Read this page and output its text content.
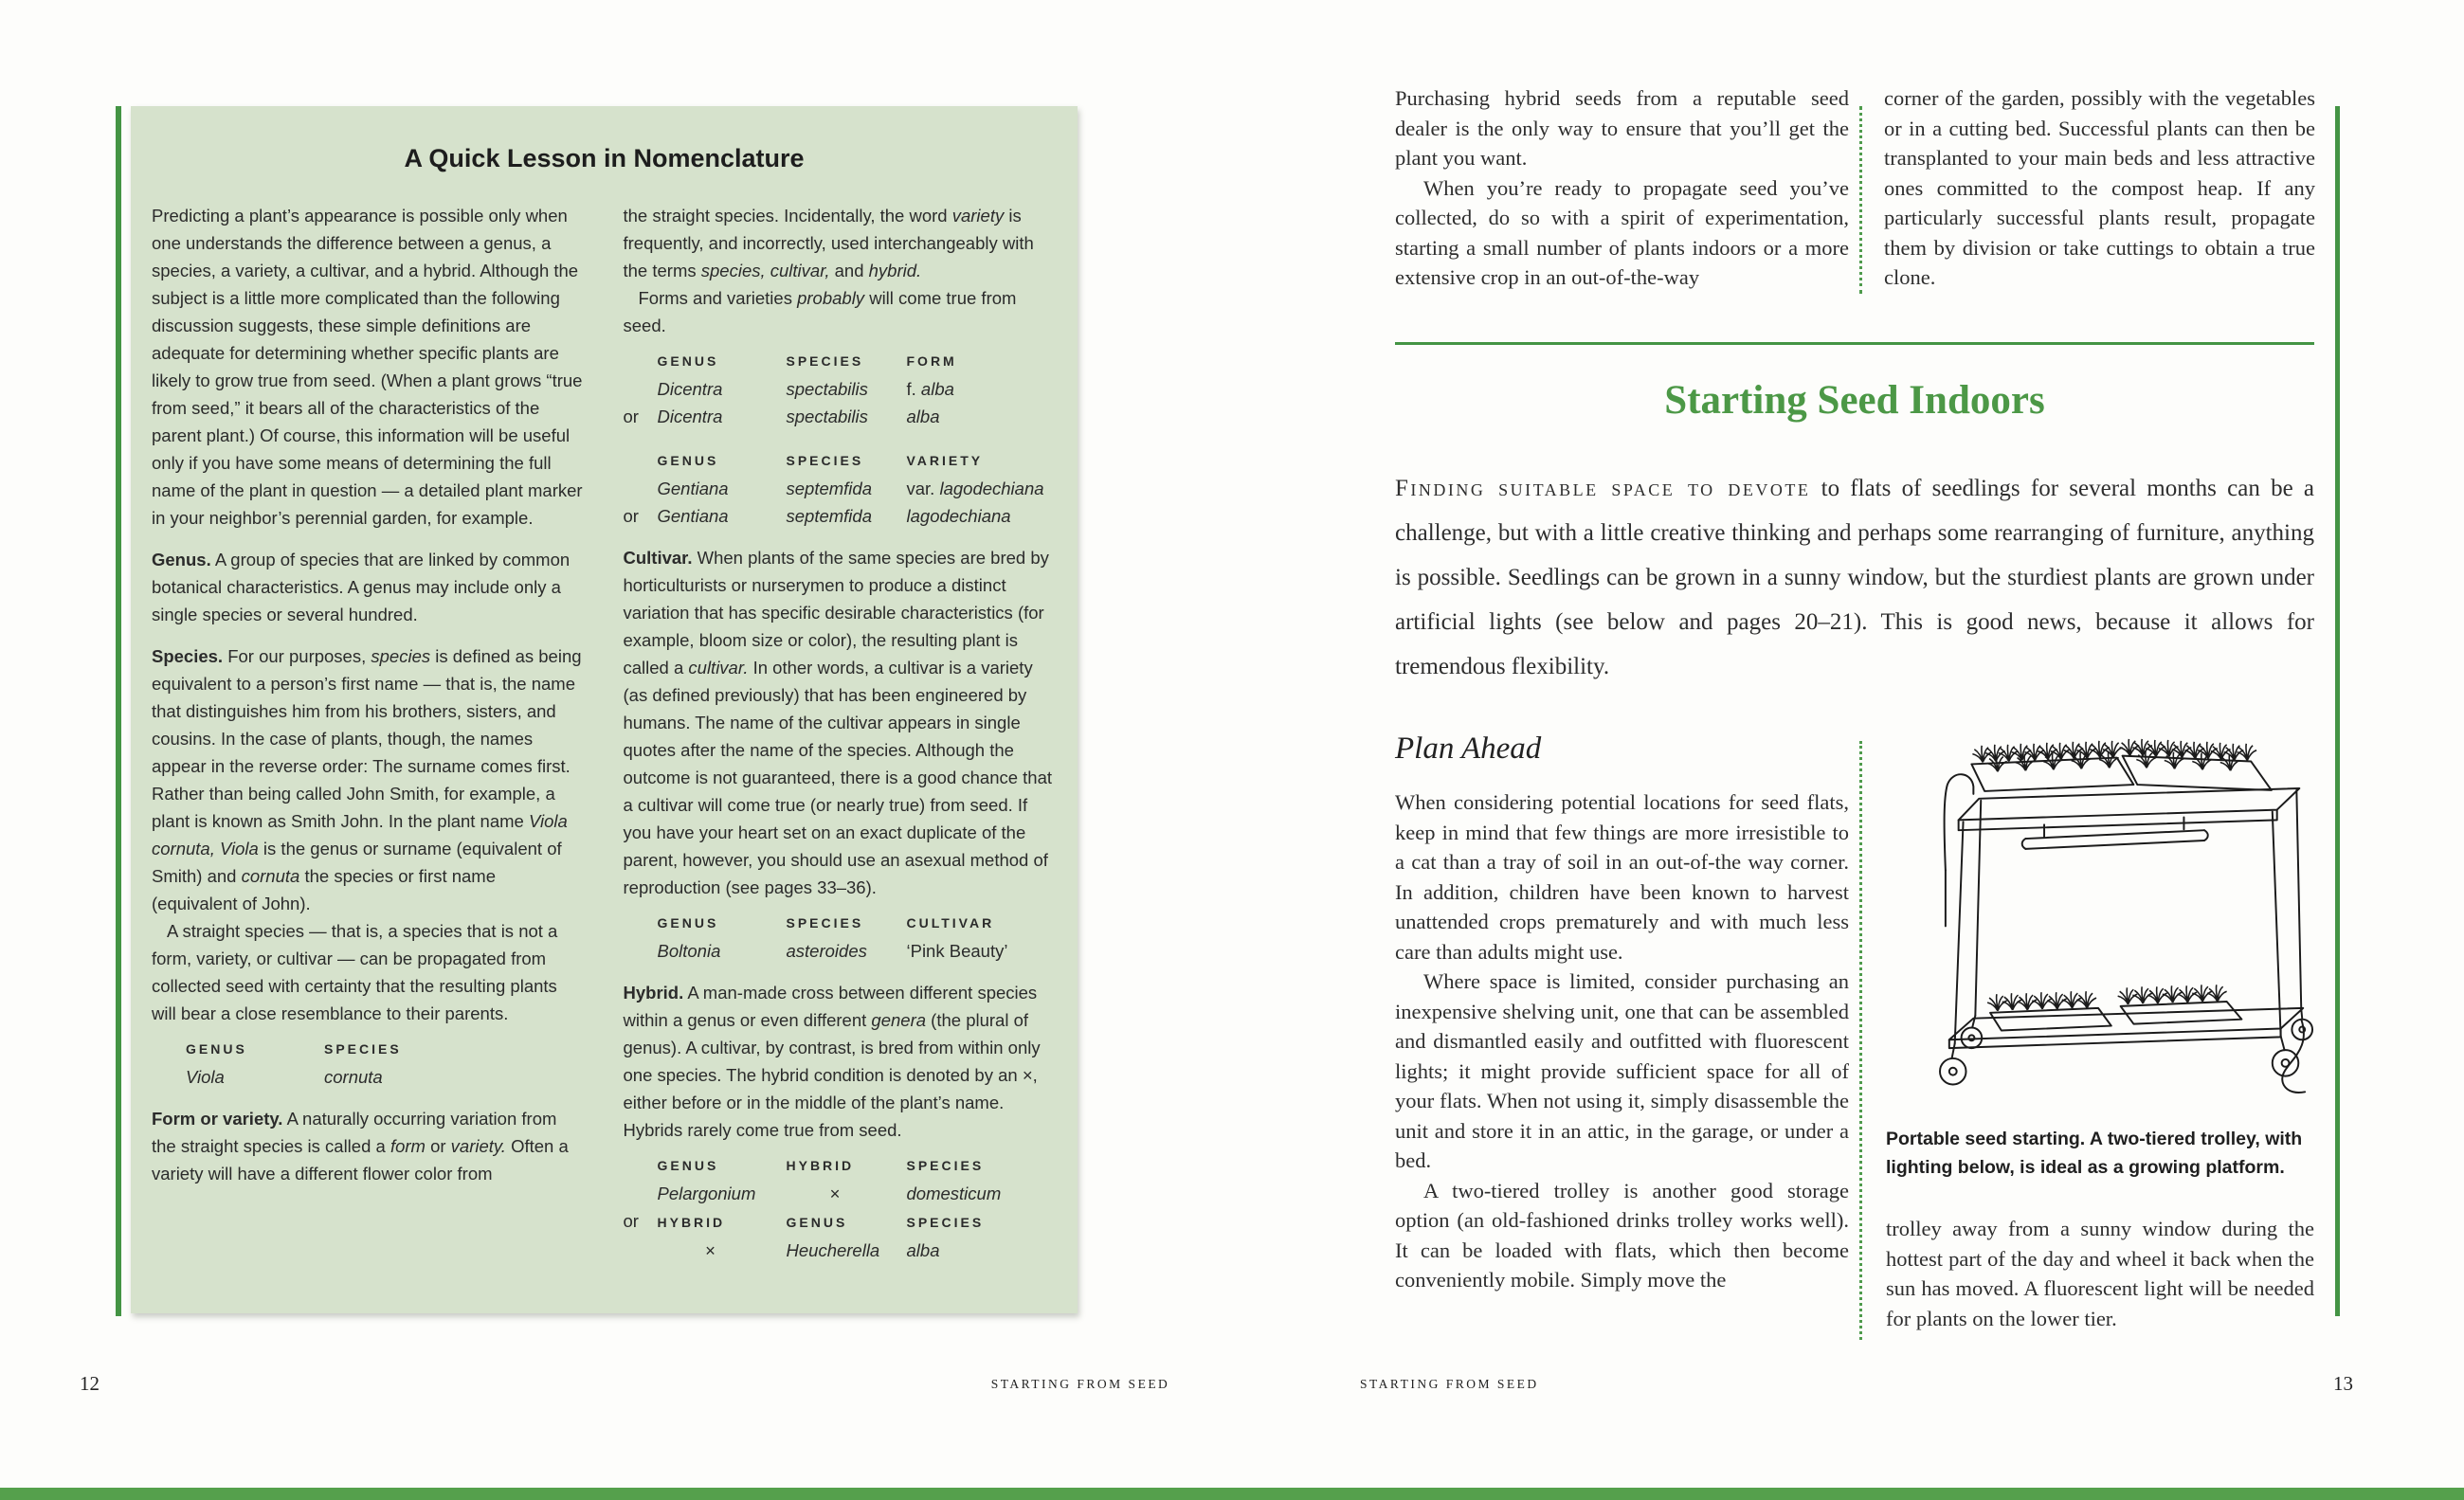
A Quick Lesson in Nomenclature

Predicting a plant’s appearance is possible only when one understands the difference between a genus, a species, a variety, a cultivar, and a hybrid. Although the subject is a little more complicated than the following discussion suggests, these simple definitions are adequate for determining whether specific plants are likely to grow true from seed. (When a plant grows “true from seed,” it bears all of the characteristics of the parent plant.) Of course, this information will be useful only if you have some means of determining the full name of the plant in question — a detailed plant marker in your neighbor’s perennial garden, for example.

Genus. A group of species that are linked by common botanical characteristics. A genus may include only a single species or several hundred.

Species. For our purposes, species is defined as being equivalent to a person’s first name — that is, the name that distinguishes him from his brothers, sisters, and cousins. In the case of plants, though, the names appear in the reverse order: The surname comes first. Rather than being called John Smith, for example, a plant is known as Smith John. In the plant name Viola cornuta, Viola is the genus or surname (equivalent of Smith) and cornuta the species or first name (equivalent of John).

A straight species — that is, a species that is not a form, variety, or cultivar — can be propagated from collected seed with certainty that the resulting plants will bear a close resemblance to their parents.

GENUS	SPECIES
Viola	cornuta

Form or variety. A naturally occurring variation from the straight species is called a form or variety. Often a variety will have a different flower color from

the straight species. Incidentally, the word variety is frequently, and incorrectly, used interchangeably with the terms species, cultivar, and hybrid.

Forms and varieties probably will come true from seed.

GENUS	SPECIES	FORM
Dicentra	spectabilis	f. alba
or	Dicentra	spectabilis	alba
GENUS	SPECIES	VARIETY
Gentiana	septemfida	var. lagodechiana
or	Gentiana	septemfida	lagodechiana

Cultivar. When plants of the same species are bred by horticulturists or nurserymen to produce a distinct variation that has specific desirable characteristics (for example, bloom size or color), the resulting plant is called a cultivar. In other words, a cultivar is a variety (as defined previously) that has been engineered by humans. The name of the cultivar appears in single quotes after the name of the species. Although the outcome is not guaranteed, there is a good chance that a cultivar will come true (or nearly true) from seed. If you have your heart set on an exact duplicate of the parent, however, you should use an asexual method of reproduction (see pages 33–36).

GENUS	SPECIES	CULTIVAR
Boltonia	asteroides	‘Pink Beauty’

Hybrid. A man-made cross between different species within a genus or even different genera (the plural of genus). A cultivar, by contrast, is bred from within only one species. The hybrid condition is denoted by an ×, either before or in the middle of the plant’s name. Hybrids rarely come true from seed.

GENUS	HYBRID	SPECIES
Pelargonium	×	domesticum
or	HYBRID	GENUS	SPECIES
×	Heucherella	alba
12	STARTING FROM SEED

Purchasing hybrid seeds from a reputable seed dealer is the only way to ensure that you’ll get the plant you want.

When you’re ready to propagate seed you’ve collected, do so with a spirit of experimentation, starting a small number of plants indoors or a more extensive crop in an out-of-the-way

corner of the garden, possibly with the vegetables or in a cutting bed. Successful plants can then be transplanted to your main beds and less attractive ones committed to the compost heap. If any particularly successful plants result, propagate them by division or take cuttings to obtain a true clone.

Starting Seed Indoors

Finding suitable space to devote to flats of seedlings for several months can be a challenge, but with a little creative thinking and perhaps some rearranging of furniture, anything is possible. Seedlings can be grown in a sunny window, but the sturdiest plants are grown under artificial lights (see below and pages 20–21). This is good news, because it allows for tremendous flexibility.

Plan Ahead

When considering potential locations for seed flats, keep in mind that few things are more irresistible to a cat than a tray of soil in an out-of-the way corner. In addition, children have been known to harvest unattended crops prematurely and with much less care than adults might use.

Where space is limited, consider purchasing an inexpensive shelving unit, one that can be assembled and dismantled easily and outfitted with fluorescent lights; it might provide sufficient space for all of your flats. When not using it, simply disassemble the unit and store it in an attic, in the garage, or under a bed.

A two-tiered trolley is another good storage option (an old-fashioned drinks trolley works well). It can be loaded with flats, which then become conveniently mobile. Simply move the

Portable seed starting. A two-tiered trolley, with lighting below, is ideal as a growing platform.

trolley away from a sunny window during the hottest part of the day and wheel it back when the sun has moved. A fluorescent light will be needed for plants on the lower tier.

STARTING FROM SEED	13
